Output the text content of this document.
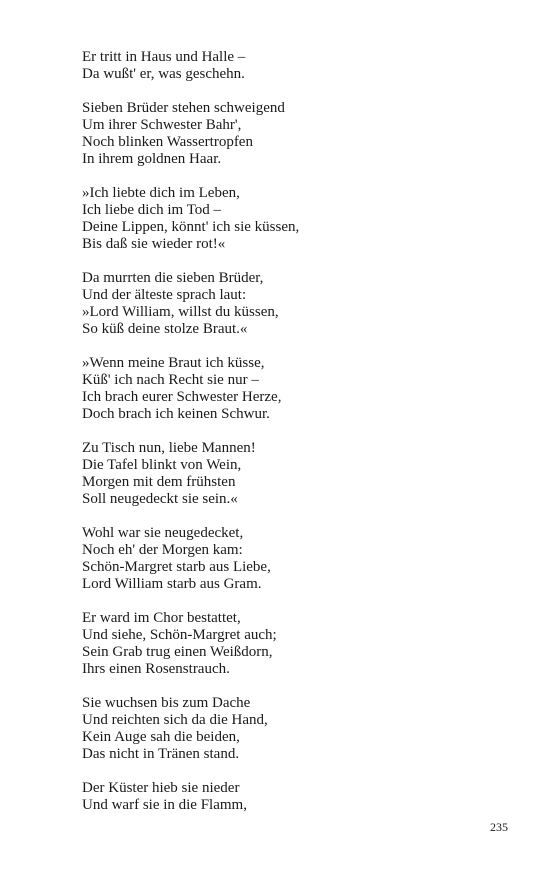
Er tritt in Haus und Halle –
Da wußt' er, was geschehn.
Sieben Brüder stehen schweigend
Um ihrer Schwester Bahr',
Noch blinken Wassertropfen
In ihrem goldnen Haar.
»Ich liebte dich im Leben,
Ich liebe dich im Tod –
Deine Lippen, könnt' ich sie küssen,
Bis daß sie wieder rot!«
Da murrten die sieben Brüder,
Und der älteste sprach laut:
»Lord William, willst du küssen,
So küß deine stolze Braut.«
»Wenn meine Braut ich küsse,
Küß' ich nach Recht sie nur –
Ich brach eurer Schwester Herze,
Doch brach ich keinen Schwur.
Zu Tisch nun, liebe Mannen!
Die Tafel blinkt von Wein,
Morgen mit dem frühsten
Soll neugedeckt sie sein.«
Wohl war sie neugedecket,
Noch eh' der Morgen kam:
Schön-Margret starb aus Liebe,
Lord William starb aus Gram.
Er ward im Chor bestattet,
Und siehe, Schön-Margret auch;
Sein Grab trug einen Weißdorn,
Ihrs einen Rosenstrauch.
Sie wuchsen bis zum Dache
Und reichten sich da die Hand,
Kein Auge sah die beiden,
Das nicht in Tränen stand.
Der Küster hieb sie nieder
Und warf sie in die Flamm,
235
